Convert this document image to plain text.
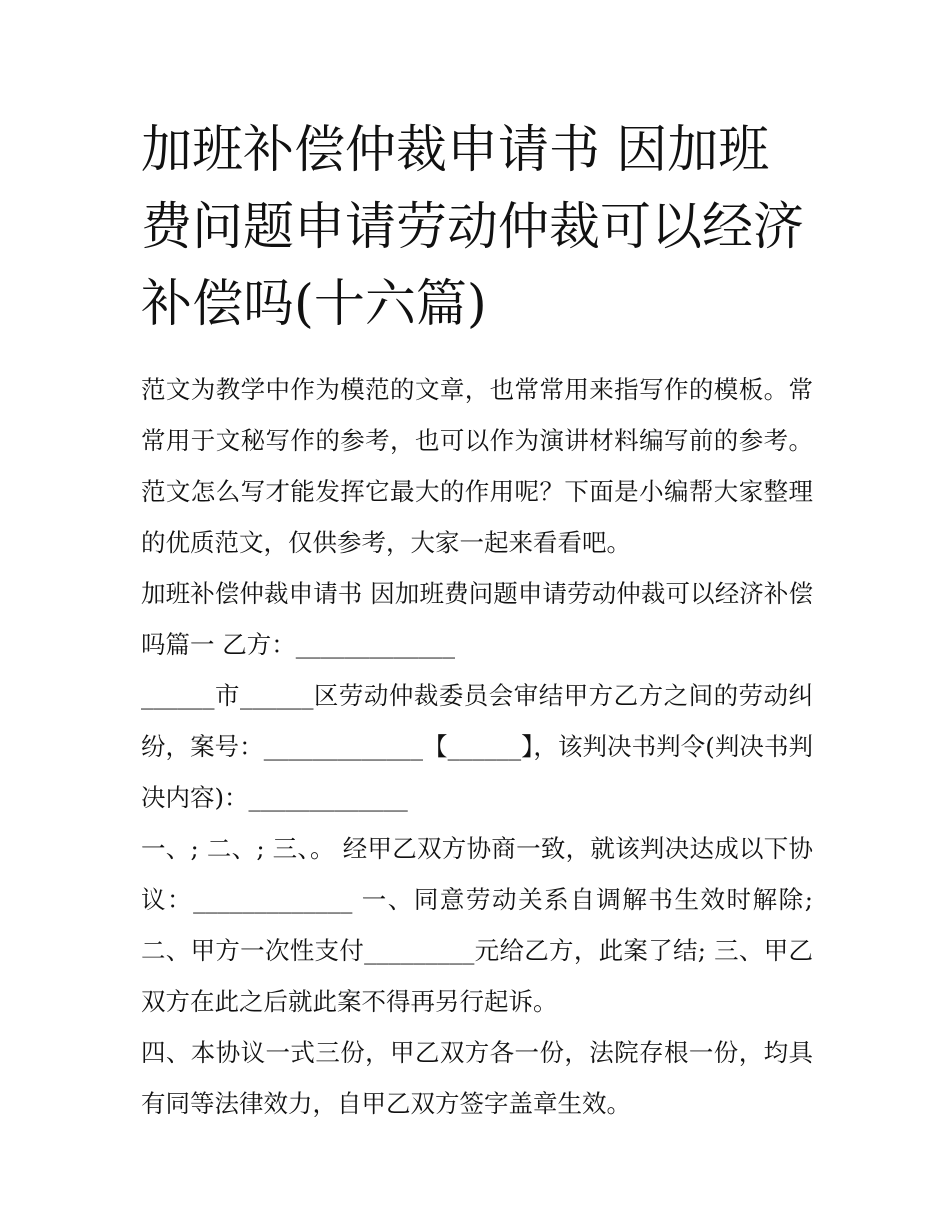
加班补偿仲裁申请书 因加班费问题申请劳动仲裁可以经济补偿吗(十六篇)

范文为教学中作为模范的文章，也常常用来指写作的模板。常常用于文秘写作的参考，也可以作为演讲材料编写前的参考。范文怎么写才能发挥它最大的作用呢？下面是小编帮大家整理的优质范文，仅供参考，大家一起来看看吧。

加班补偿仲裁申请书 因加班费问题申请劳动仲裁可以经济补偿吗篇一 乙方：_____________

______市______区劳动仲裁委员会审结甲方乙方之间的劳动纠纷，案号：_____________【______】，该判决书判令(判决书判决内容)：_____________

一、; 二、; 三、。 经甲乙双方协商一致，就该判决达成以下协议：_____________ 一、同意劳动关系自调解书生效时解除; 二、甲方一次性支付_________元给乙方，此案了结; 三、甲乙双方在此之后就此案不得再另行起诉。

四、本协议一式三份，甲乙双方各一份，法院存根一份，均具有同等法律效力，自甲乙双方签字盖章生效。
